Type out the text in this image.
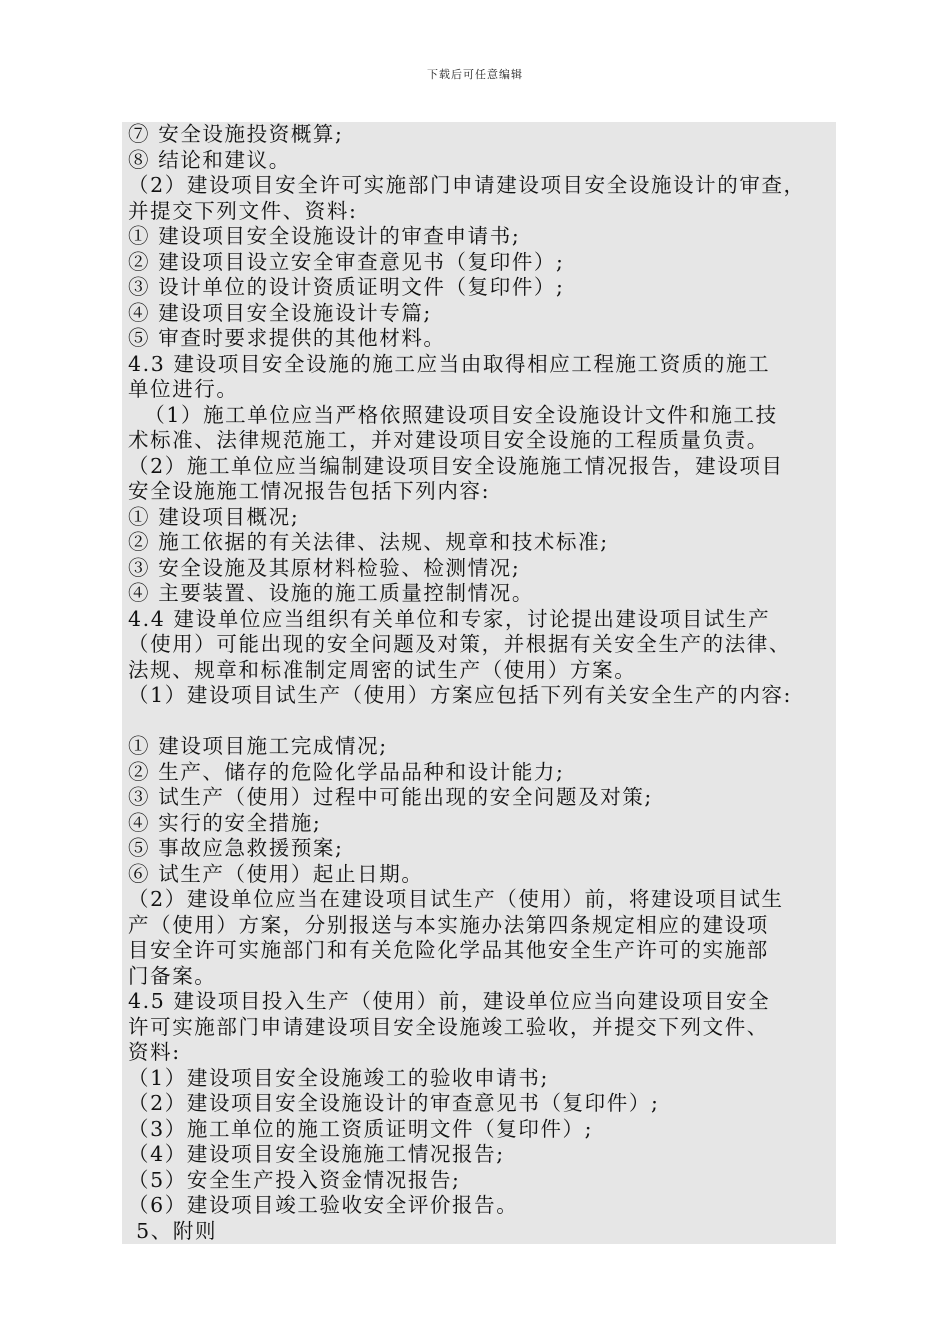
下载后可任意编辑
⑦ 安全设施投资概算;
⑧ 结论和建议。
（2）建设项目安全许可实施部门申请建设项目安全设施设计的审查，
并提交下列文件、资料:
① 建设项目安全设施设计的审查申请书;
② 建设项目设立安全审查意见书（复印件）;
③ 设计单位的设计资质证明文件（复印件）;
④ 建设项目安全设施设计专篇;
⑤ 审查时要求提供的其他材料。
4.3 建设项目安全设施的施工应当由取得相应工程施工资质的施工
单位进行。
（1）施工单位应当严格依照建设项目安全设施设计文件和施工技
术标准、法律规范施工，并对建设项目安全设施的工程质量负责。
（2）施工单位应当编制建设项目安全设施施工情况报告，建设项目
安全设施施工情况报告包括下列内容:
① 建设项目概况;
② 施工依据的有关法律、法规、规章和技术标准;
③ 安全设施及其原材料检验、检测情况;
④ 主要装置、设施的施工质量控制情况。
4.4 建设单位应当组织有关单位和专家，讨论提出建设项目试生产
（使用）可能出现的安全问题及对策，并根据有关安全生产的法律、
法规、规章和标准制定周密的试生产（使用）方案。
（1）建设项目试生产（使用）方案应包括下列有关安全生产的内容:
① 建设项目施工完成情况;
② 生产、储存的危险化学品品种和设计能力;
③ 试生产（使用）过程中可能出现的安全问题及对策;
④ 实行的安全措施;
⑤ 事故应急救援预案;
⑥ 试生产（使用）起止日期。
（2）建设单位应当在建设项目试生产（使用）前，将建设项目试生
产（使用）方案，分别报送与本实施办法第四条规定相应的建设项
目安全许可实施部门和有关危险化学品其他安全生产许可的实施部
门备案。
4.5 建设项目投入生产（使用）前，建设单位应当向建设项目安全
许可实施部门申请建设项目安全设施竣工验收，并提交下列文件、
资料:
（1）建设项目安全设施竣工的验收申请书;
（2）建设项目安全设施设计的审查意见书（复印件）;
（3）施工单位的施工资质证明文件（复印件）;
（4）建设项目安全设施施工情况报告;
（5）安全生产投入资金情况报告;
（6）建设项目竣工验收安全评价报告。
5、附则
